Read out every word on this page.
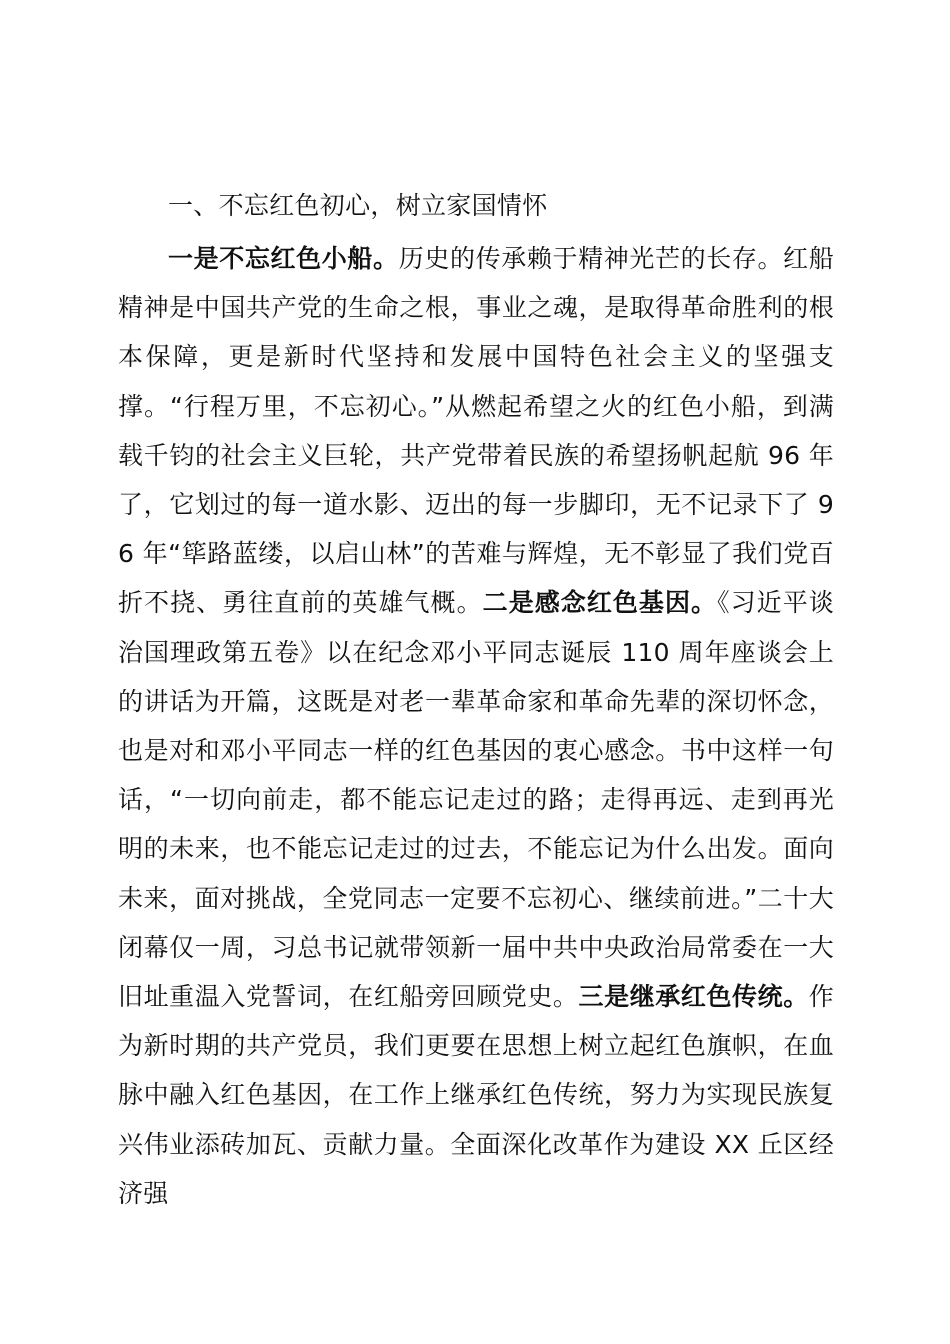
一、不忘红色初心，树立家国情怀

一是不忘红色小船。历史的传承赖于精神光芒的长存。红船精神是中国共产党的生命之根，事业之魂，是取得革命胜利的根本保障，更是新时代坚持和发展中国特色社会主义的坚强支撑。“行程万里，不忘初心。”从燃起希望之火的红色小船，到满载千钧的社会主义巨轮，共产党带着民族的希望扬帆起航 96 年了，它划过的每一道水影、迈出的每一步脚印，无不记录下了 96 年“筚路蓝缕，以启山林”的苦难与辉煌，无不彰显了我们党百折不挠、勇往直前的英雄气概。二是感念红色基因。《习近平谈治国理政第五卷》以在纪念邓小平同志诞辰 110 周年座谈会上的讲话为开篇，这既是对老一辈革命家和革命先辈的深切怀念，也是对和邓小平同志一样的红色基因的衷心感念。书中这样一句话，“一切向前走，都不能忘记走过的路；走得再远、走到再光明的未来，也不能忘记走过的过去，不能忘记为什么出发。面向未来，面对挑战，全党同志一定要不忘初心、继续前进。”二十大闭幕仅一周，习总书记就带领新一届中共中央政治局常委在一大旧址重温入党誓词，在红船旁回顾党史。三是继承红色传统。作为新时期的共产党员，我们更要在思想上树立起红色旗帜，在血脉中融入红色基因，在工作上继承红色传统，努力为实现民族复兴伟业添砖加瓦、贡献力量。全面深化改革作为建设 XX 丘区经济强
